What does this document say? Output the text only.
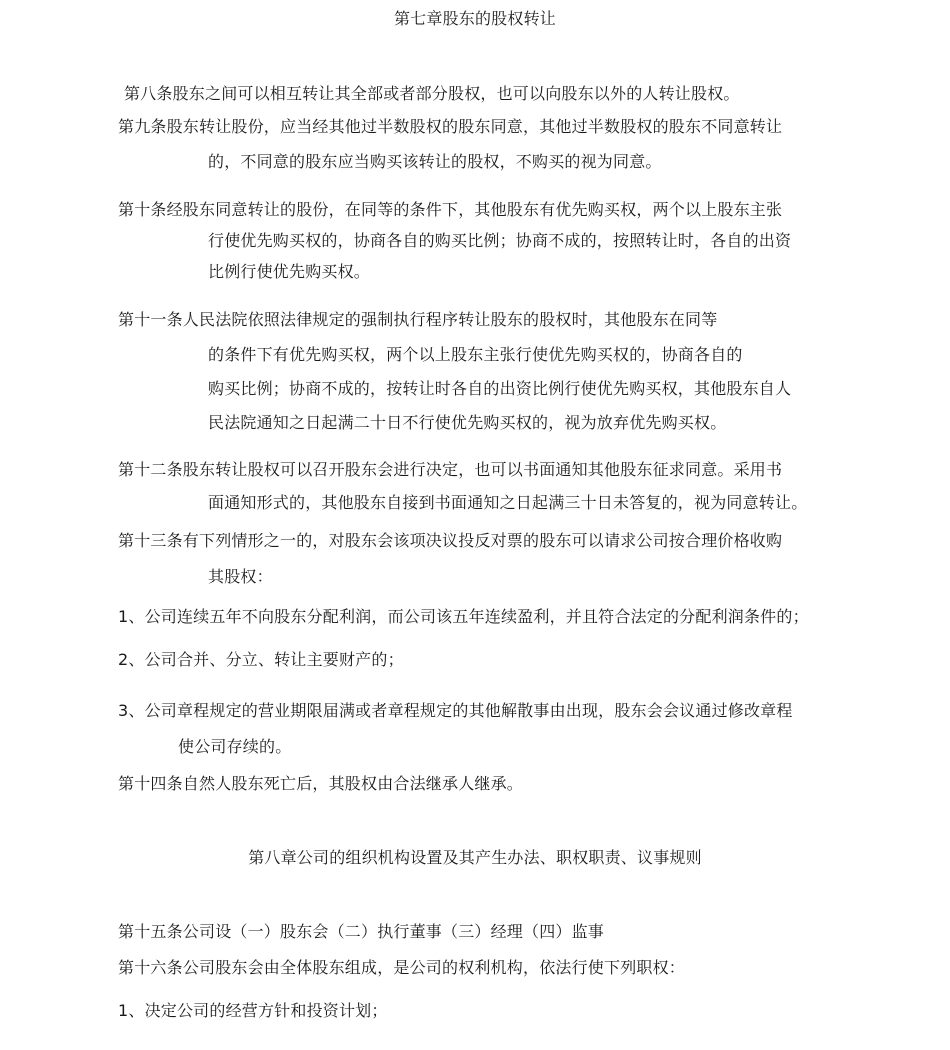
第七章股东的股权转让
第八条股东之间可以相互转让其全部或者部分股权，也可以向股东以外的人转让股权。
第九条股东转让股份，应当经其他过半数股权的股东同意，其他过半数股权的股东不同意转让
的，不同意的股东应当购买该转让的股权，不购买的视为同意。
第十条经股东同意转让的股份，在同等的条件下，其他股东有优先购买权，两个以上股东主张
行使优先购买权的，协商各自的购买比例；协商不成的，按照转让时，各自的出资
比例行使优先购买权。
第十一条人民法院依照法律规定的强制执行程序转让股东的股权时，其他股东在同等
的条件下有优先购买权，两个以上股东主张行使优先购买权的，协商各自的
购买比例；协商不成的，按转让时各自的出资比例行使优先购买权，其他股东自人
民法院通知之日起满二十日不行使优先购买权的，视为放弃优先购买权。
第十二条股东转让股权可以召开股东会进行决定，也可以书面通知其他股东征求同意。采用书
面通知形式的，其他股东自接到书面通知之日起满三十日未答复的，视为同意转让。
第十三条有下列情形之一的，对股东会该项决议投反对票的股东可以请求公司按合理价格收购
其股权：
1、公司连续五年不向股东分配利润，而公司该五年连续盈利，并且符合法定的分配利润条件的；
2、公司合并、分立、转让主要财产的；
3、公司章程规定的营业期限届满或者章程规定的其他解散事由出现，股东会会议通过修改章程
使公司存续的。
第十四条自然人股东死亡后，其股权由合法继承人继承。
第八章公司的组织机构设置及其产生办法、职权职责、议事规则
第十五条公司设（一）股东会（二）执行董事（三）经理（四）监事
第十六条公司股东会由全体股东组成，是公司的权利机构，依法行使下列职权：
1、决定公司的经营方针和投资计划；
